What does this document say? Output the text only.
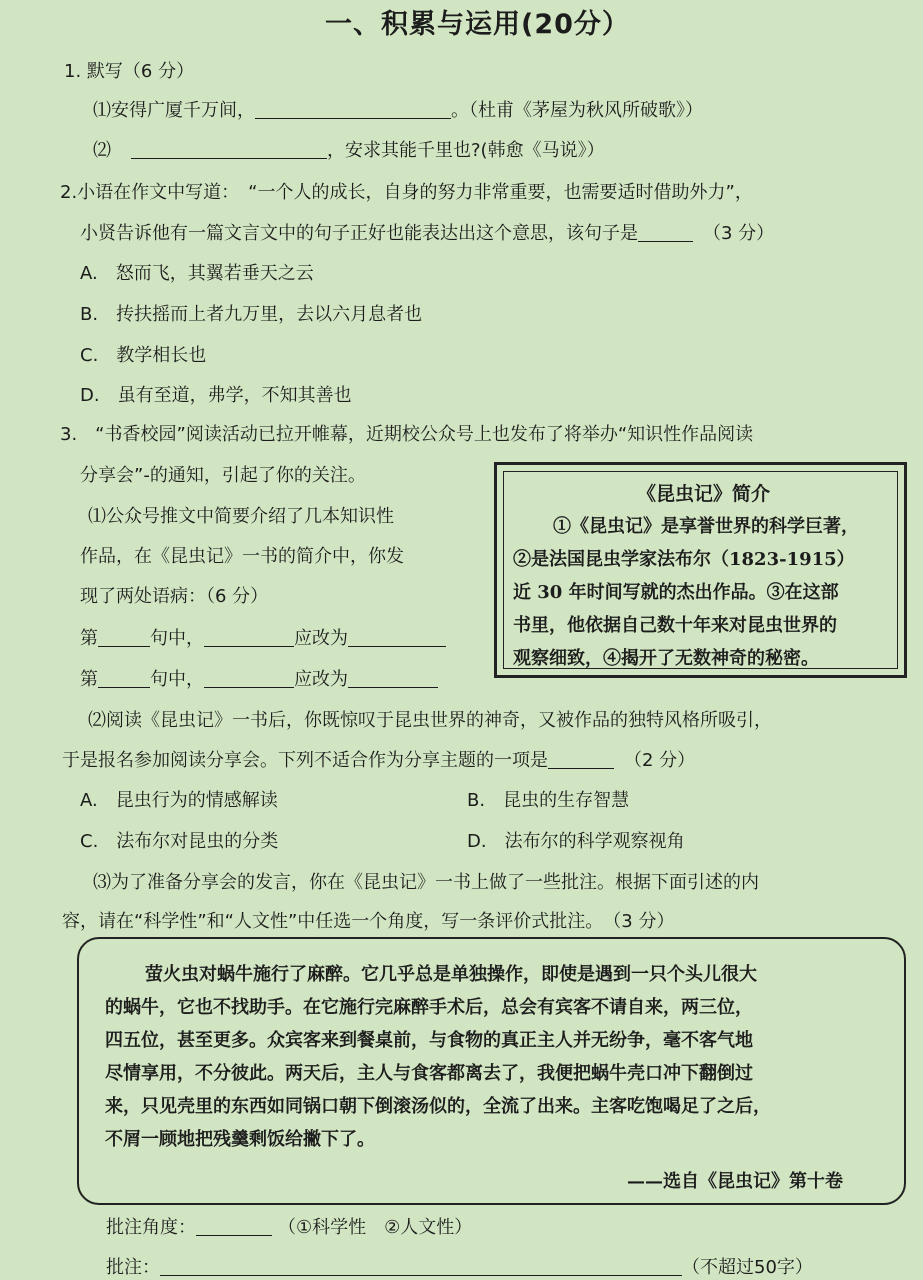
一、积累与运用(20分）
1. 默写（6 分）
⑴安得广厦千万间，	。（杜甫《茅屋为秋风所破歌》）
⑵	，安求其能千里也?(韩愈《马说》）
2.小语在作文中写道：　“一个人的成长，自身的努力非常重要，也需要适时借助外力”，
小贤告诉他有一篇文言文中的句子正好也能表达出这个意思，该句子是	（3 分）
A.　怒而飞，其翼若垂天之云
B.　抟扶摇而上者九万里，去以六月息者也
C.　教学相长也
D.　虽有至道，弗学，不知其善也
3.　“书香校园”阅读活动已拉开帷幕，近期校公众号上也发布了将举办“知识性作品阅读
分享会”-的通知，引起了你的关注。
⑴公众号推文中简要介绍了几本知识性
作品，在《昆虫记》一书的简介中，你发
现了两处语病：（6 分）
第	句中，	应改为
第	句中，	应改为
《昆虫记》简介
①《昆虫记》是享誉世界的科学巨著，
②是法国昆虫学家法布尔（1823-1915）
近 30 年时间写就的杰出作品。③在这部
书里，他依据自己数十年来对昆虫世界的
观察细致，④揭开了无数神奇的秘密。
⑵阅读《昆虫记》一书后，你既惊叹于昆虫世界的神奇，又被作品的独特风格所吸引，
于是报名参加阅读分享会。下列不适合作为分享主题的一项是	（2 分）
A.　昆虫行为的情感解读	B.　昆虫的生存智慧
C.　法布尔对昆虫的分类	D.　法布尔的科学观察视角
⑶为了准备分享会的发言，你在《昆虫记》一书上做了一些批注。根据下面引述的内
容，请在“科学性”和“人文性”中任选一个角度，写一条评价式批注。　（3 分）
萤火虫对蜗牛施行了麻醉。它几乎总是单独操作，即使是遇到一只个头儿很大
的蜗牛，它也不找助手。在它施行完麻醉手术后，总会有宾客不请自来，两三位，
四五位，甚至更多。众宾客来到餐桌前，与食物的真正主人并无纷争，毫不客气地
尽情享用，不分彼此。两天后，主人与食客都离去了，我便把蜗牛壳口冲下翻倒过
来，只见壳里的东西如同锅口朝下倒滚汤似的，全流了出来。主客吃饱喝足了之后，
不屑一顾地把残羹剩饭给撇下了。
——选自《昆虫记》第十卷
批注角度：	（①科学性　②人文性）
批注：	（不超过50字）
